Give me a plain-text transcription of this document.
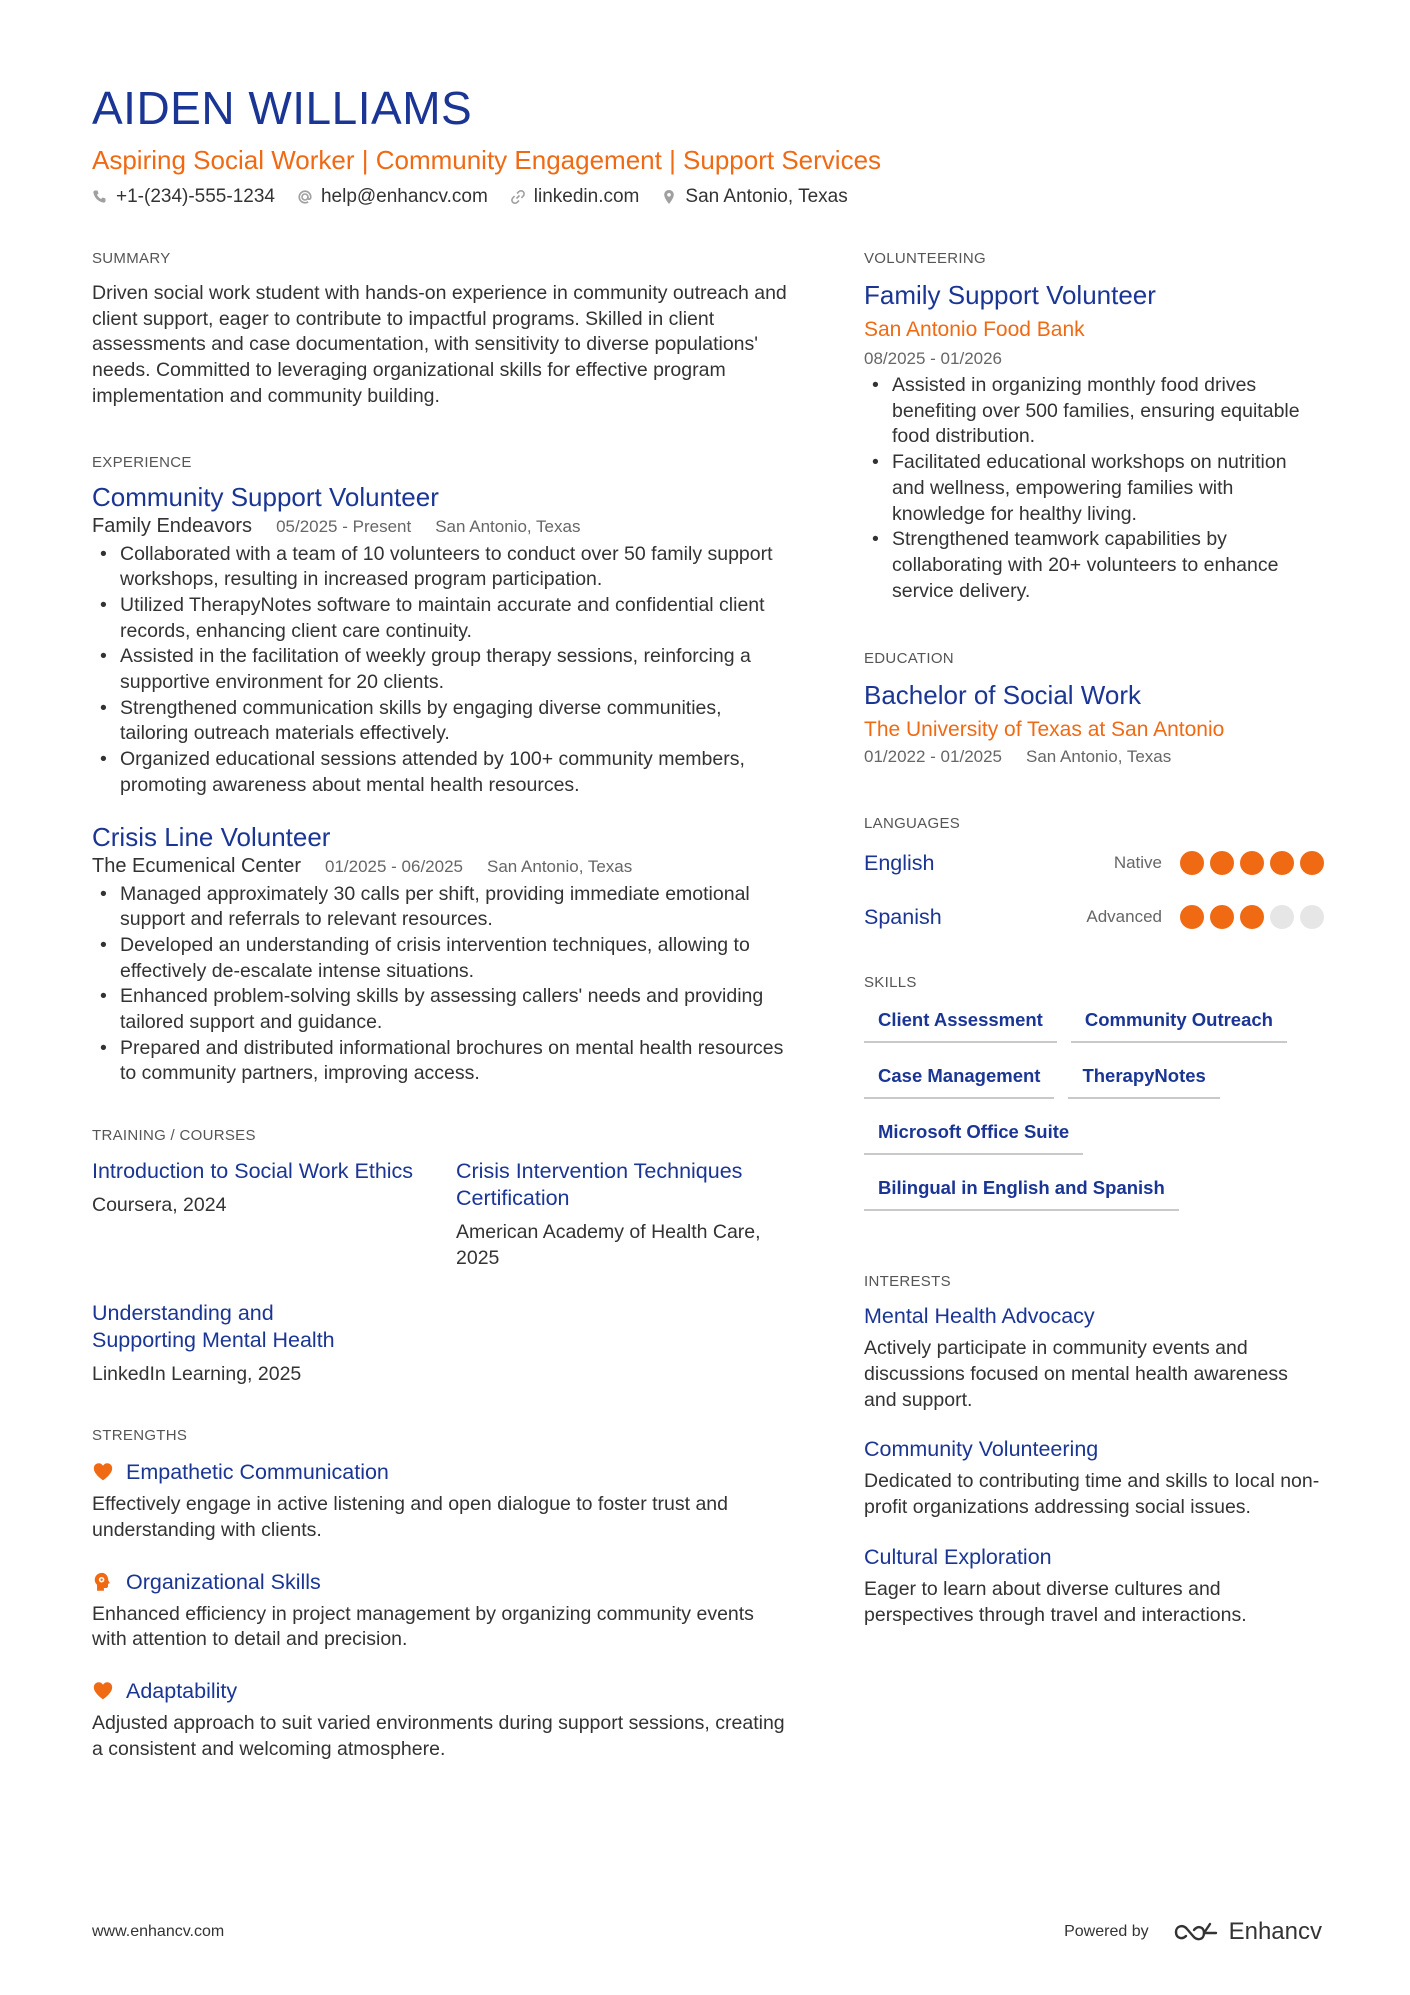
AIDEN WILLIAMS
Aspiring Social Worker | Community Engagement | Support Services
+1-(234)-555-1234 help@enhancv.com linkedin.com San Antonio, Texas
SUMMARY
Driven social work student with hands-on experience in community outreach and client support, eager to contribute to impactful programs. Skilled in client assessments and case documentation, with sensitivity to diverse populations' needs. Committed to leveraging organizational skills for effective program implementation and community building.
EXPERIENCE
Community Support Volunteer
Family Endeavors 05/2025 - Present San Antonio, Texas
• Collaborated with a team of 10 volunteers to conduct over 50 family support workshops, resulting in increased program participation.
• Utilized TherapyNotes software to maintain accurate and confidential client records, enhancing client care continuity.
• Assisted in the facilitation of weekly group therapy sessions, reinforcing a supportive environment for 20 clients.
• Strengthened communication skills by engaging diverse communities, tailoring outreach materials effectively.
• Organized educational sessions attended by 100+ community members, promoting awareness about mental health resources.
Crisis Line Volunteer
The Ecumenical Center 01/2025 - 06/2025 San Antonio, Texas
• Managed approximately 30 calls per shift, providing immediate emotional support and referrals to relevant resources.
• Developed an understanding of crisis intervention techniques, allowing to effectively de-escalate intense situations.
• Enhanced problem-solving skills by assessing callers' needs and providing tailored support and guidance.
• Prepared and distributed informational brochures on mental health resources to community partners, improving access.
TRAINING / COURSES
Introduction to Social Work Ethics
Coursera, 2024
Crisis Intervention Techniques Certification
American Academy of Health Care, 2025
Understanding and Supporting Mental Health
LinkedIn Learning, 2025
STRENGTHS
Empathetic Communication
Effectively engage in active listening and open dialogue to foster trust and understanding with clients.
Organizational Skills
Enhanced efficiency in project management by organizing community events with attention to detail and precision.
Adaptability
Adjusted approach to suit varied environments during support sessions, creating a consistent and welcoming atmosphere.
VOLUNTEERING
Family Support Volunteer
San Antonio Food Bank
08/2025 - 01/2026
• Assisted in organizing monthly food drives benefiting over 500 families, ensuring equitable food distribution.
• Facilitated educational workshops on nutrition and wellness, empowering families with knowledge for healthy living.
• Strengthened teamwork capabilities by collaborating with 20+ volunteers to enhance service delivery.
EDUCATION
Bachelor of Social Work
The University of Texas at San Antonio
01/2022 - 01/2025 San Antonio, Texas
LANGUAGES
English	Native
Spanish	Advanced
SKILLS
Client Assessment	Community Outreach
Case Management	TherapyNotes
Microsoft Office Suite
Bilingual in English and Spanish
INTERESTS
Mental Health Advocacy
Actively participate in community events and discussions focused on mental health awareness and support.
Community Volunteering
Dedicated to contributing time and skills to local non-profit organizations addressing social issues.
Cultural Exploration
Eager to learn about diverse cultures and perspectives through travel and interactions.
www.enhancv.com	Powered by	Enhancv
